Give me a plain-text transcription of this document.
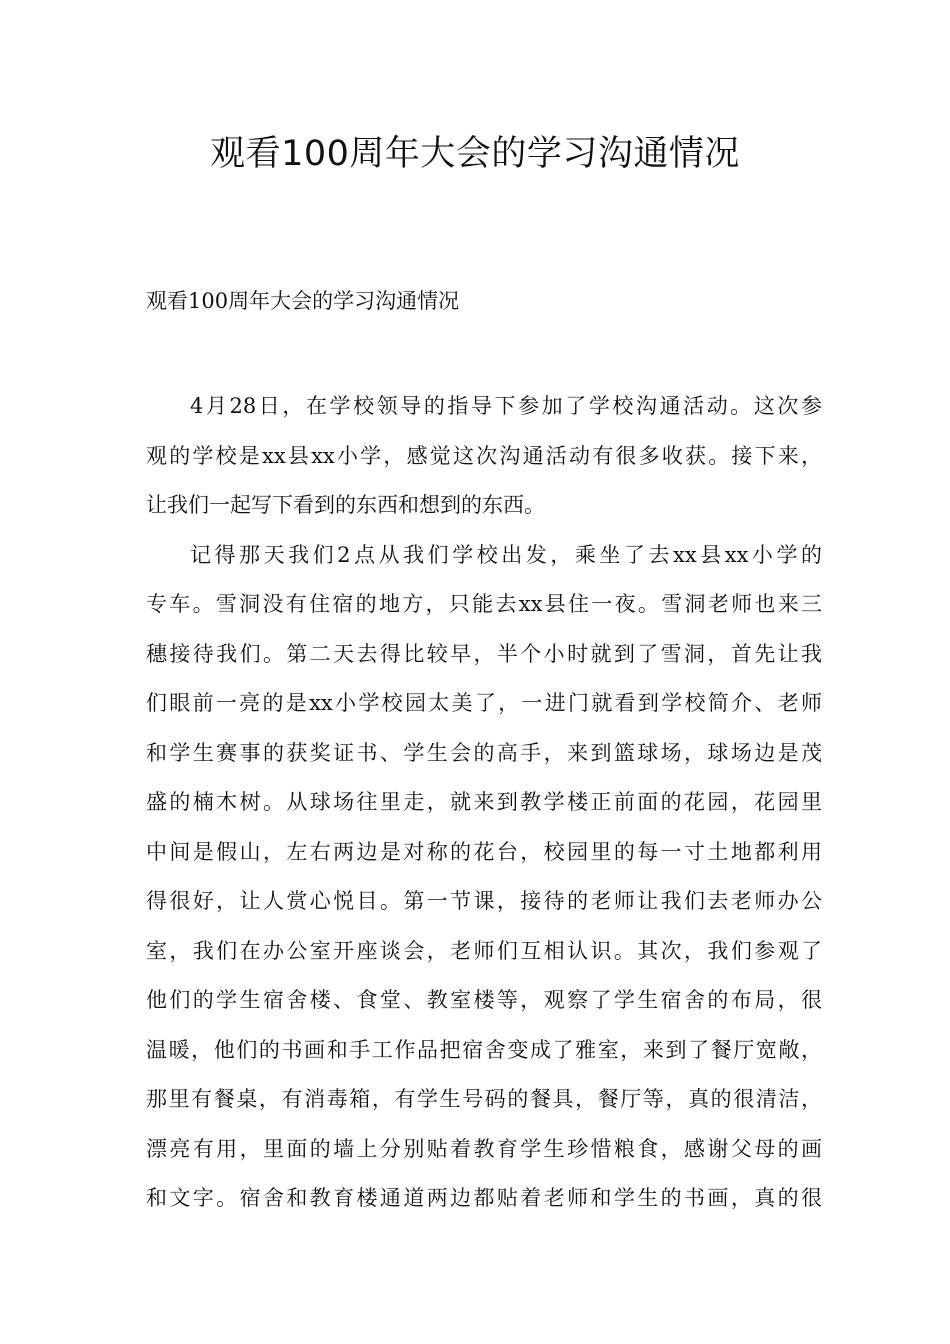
观看100周年大会的学习沟通情况

观看100周年大会的学习沟通情况

4月28日，在学校领导的指导下参加了学校沟通活动。这次参
观的学校是xx县xx小学，感觉这次沟通活动有很多收获。接下来，
让我们一起写下看到的东西和想到的东西。
记得那天我们2点从我们学校出发，乘坐了去xx县xx小学的
专车。雪洞没有住宿的地方，只能去xx县住一夜。雪洞老师也来三
穗接待我们。第二天去得比较早，半个小时就到了雪洞，首先让我
们眼前一亮的是xx小学校园太美了，一进门就看到学校简介、老师
和学生赛事的获奖证书、学生会的高手，来到篮球场，球场边是茂
盛的楠木树。从球场往里走，就来到教学楼正前面的花园，花园里
中间是假山，左右两边是对称的花台，校园里的每一寸土地都利用
得很好，让人赏心悦目。第一节课，接待的老师让我们去老师办公
室，我们在办公室开座谈会，老师们互相认识。其次，我们参观了
他们的学生宿舍楼、食堂、教室楼等，观察了学生宿舍的布局，很
温暖，他们的书画和手工作品把宿舍变成了雅室，来到了餐厅宽敞，
那里有餐桌，有消毒箱，有学生号码的餐具，餐厅等，真的很清洁，
漂亮有用，里面的墙上分别贴着教育学生珍惜粮食，感谢父母的画
和文字。宿舍和教育楼通道两边都贴着老师和学生的书画，真的很
